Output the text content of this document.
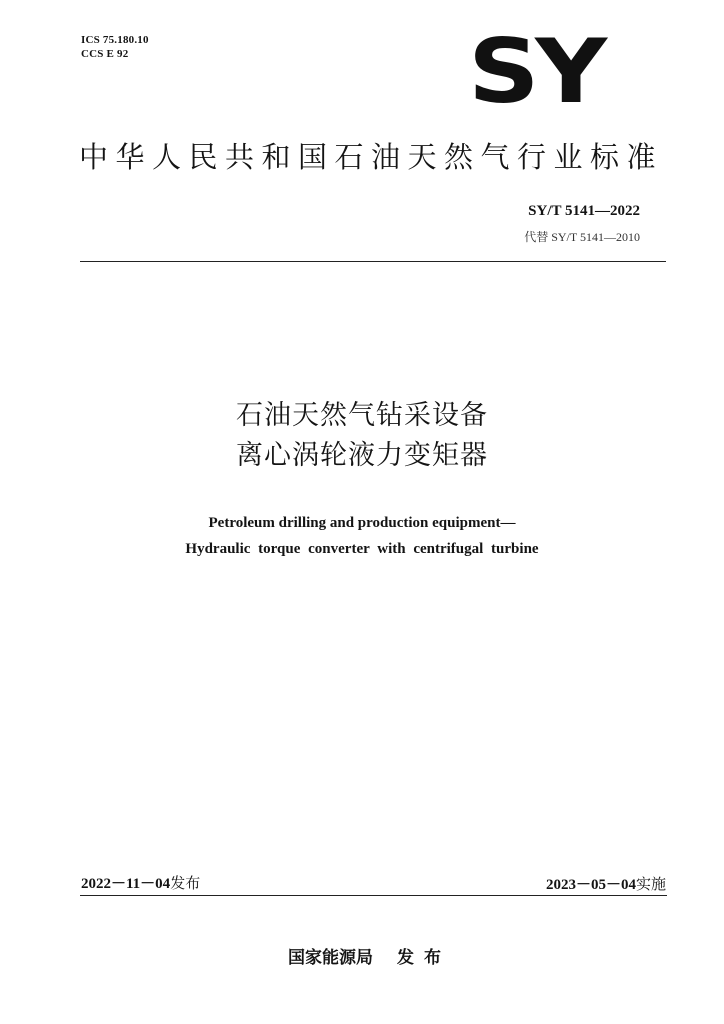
ICS 75.180.10
CCS E 92	SY
中华人民共和国石油天然气行业标准
SY/T 5141—2022
代替 SY/T 5141—2010
石油天然气钻采设备
离心涡轮液力变矩器
Petroleum drilling and production equipment—
Hydraulic torque converter with centrifugal turbine
2022－11－04发布	2023－05－04实施
国家能源局 发布
